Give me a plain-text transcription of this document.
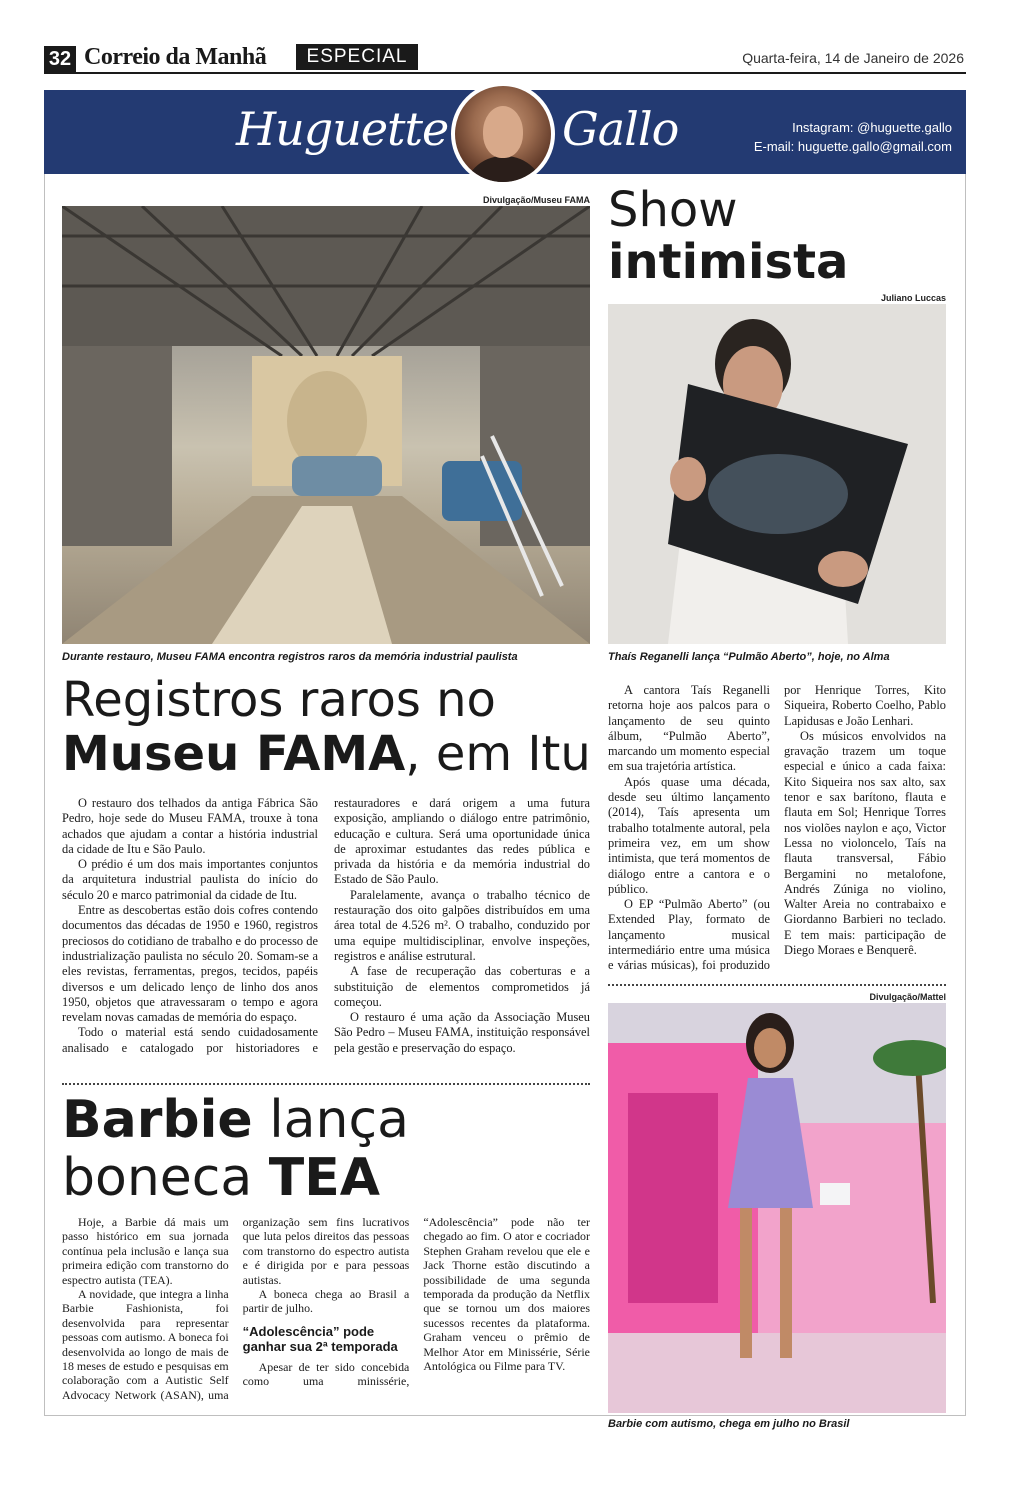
32 Correio da Manhã	ESPECIAL	Quarta-feira, 14 de Janeiro de 2026
Huguette Gallo	Instagram: @huguette.gallo
E-mail: huguette.gallo@gmail.com
Divulgação/Museu FAMA
Durante restauro, Museu FAMA encontra registros raros da memória industrial paulista
Registros raros no
Museu FAMA, em Itu

O restauro dos telhados da antiga Fábrica São Pedro, hoje sede do Museu FAMA, trouxe à tona achados que ajudam a contar a história industrial da cidade de Itu e São Paulo.

O prédio é um dos mais importantes conjuntos da arquitetura industrial paulista do início do século 20 e marco patrimonial da cidade de Itu.

Entre as descobertas estão dois cofres contendo documentos das décadas de 1950 e 1960, registros preciosos do cotidiano de trabalho e do processo de industrialização paulista no século 20. Somam-se a eles revistas, ferramentas, pregos, tecidos, papéis diversos e um delicado lenço de linho dos anos 1950, objetos que atravessaram o tempo e agora revelam novas camadas de memória do espaço.

Todo o material está sendo cuidadosamente analisado e catalogado por historiadores e restauradores e dará origem a uma futura exposição, ampliando o diálogo entre patrimônio, educação e cultura. Será uma oportunidade única de aproximar estudantes das redes pública e privada da história e da memória industrial do Estado de São Paulo.

Paralelamente, avança o trabalho técnico de restauração dos oito galpões distribuídos em uma área total de 4.526 m². O trabalho, conduzido por uma equipe multidisciplinar, envolve inspeções, registros e análise estrutural.

A fase de recuperação das coberturas e a substituição de elementos comprometidos já começou.

O restauro é uma ação da Associação Museu São Pedro – Museu FAMA, instituição responsável pela gestão e preservação do espaço.

Show
intimista
Juliano Luccas
Thaís Reganelli lança “Pulmão Aberto”, hoje, no Alma

A cantora Taís Reganelli retorna hoje aos palcos para o lançamento de seu quinto álbum, “Pulmão Aberto”, marcando um momento especial em sua trajetória artística.

Após quase uma década, desde seu último lançamento (2014), Taís apresenta um trabalho totalmente autoral, pela primeira vez, em um show intimista, que terá momentos de diálogo entre a cantora e o público.

O EP “Pulmão Aberto” (ou Extended Play, formato de lançamento musical intermediário entre uma música e várias músicas), foi produzido por Henrique Torres, Kito Siqueira, Roberto Coelho, Pablo Lapidusas e João Lenhari.

Os músicos envolvidos na gravação trazem um toque especial e único a cada faixa: Kito Siqueira nos sax alto, sax tenor e sax barítono, flauta e flauta em Sol; Henrique Torres nos violões naylon e aço, Victor Lessa no violoncelo, Taís na flauta transversal, Fábio Bergamini no metalofone, Andrés Zúniga no violino, Walter Areia no contrabaixo e Giordanno Barbieri no teclado. E tem mais: participação de Diego Moraes e Benquerê.

Barbie lança
boneca TEA

Hoje, a Barbie dá mais um passo histórico em sua jornada contínua pela inclusão e lança sua primeira edição com transtorno do espectro autista (TEA).

A novidade, que integra a linha Barbie Fashionista, foi desenvolvida para representar pessoas com autismo. A boneca foi desenvolvida ao longo de mais de 18 meses de estudo e pesquisas em colaboração com a Autistic Self Advocacy Network (ASAN), uma organização sem fins lucrativos que luta pelos direitos das pessoas com transtorno do espectro autista e é dirigida por e para pessoas autistas.

A boneca chega ao Brasil a partir de julho.

“Adolescência” pode ganhar sua 2ª temporada

Apesar de ter sido concebida como uma minissérie, “Adolescência” pode não ter chegado ao fim. O ator e cocriador Stephen Graham revelou que ele e Jack Thorne estão discutindo a possibilidade de uma segunda temporada da produção da Netflix que se tornou um dos maiores sucessos recentes da plataforma. Graham venceu o prêmio de Melhor Ator em Minissérie, Série Antológica ou Filme para TV.

Divulgação/Mattel
Barbie com autismo, chega em julho no Brasil
